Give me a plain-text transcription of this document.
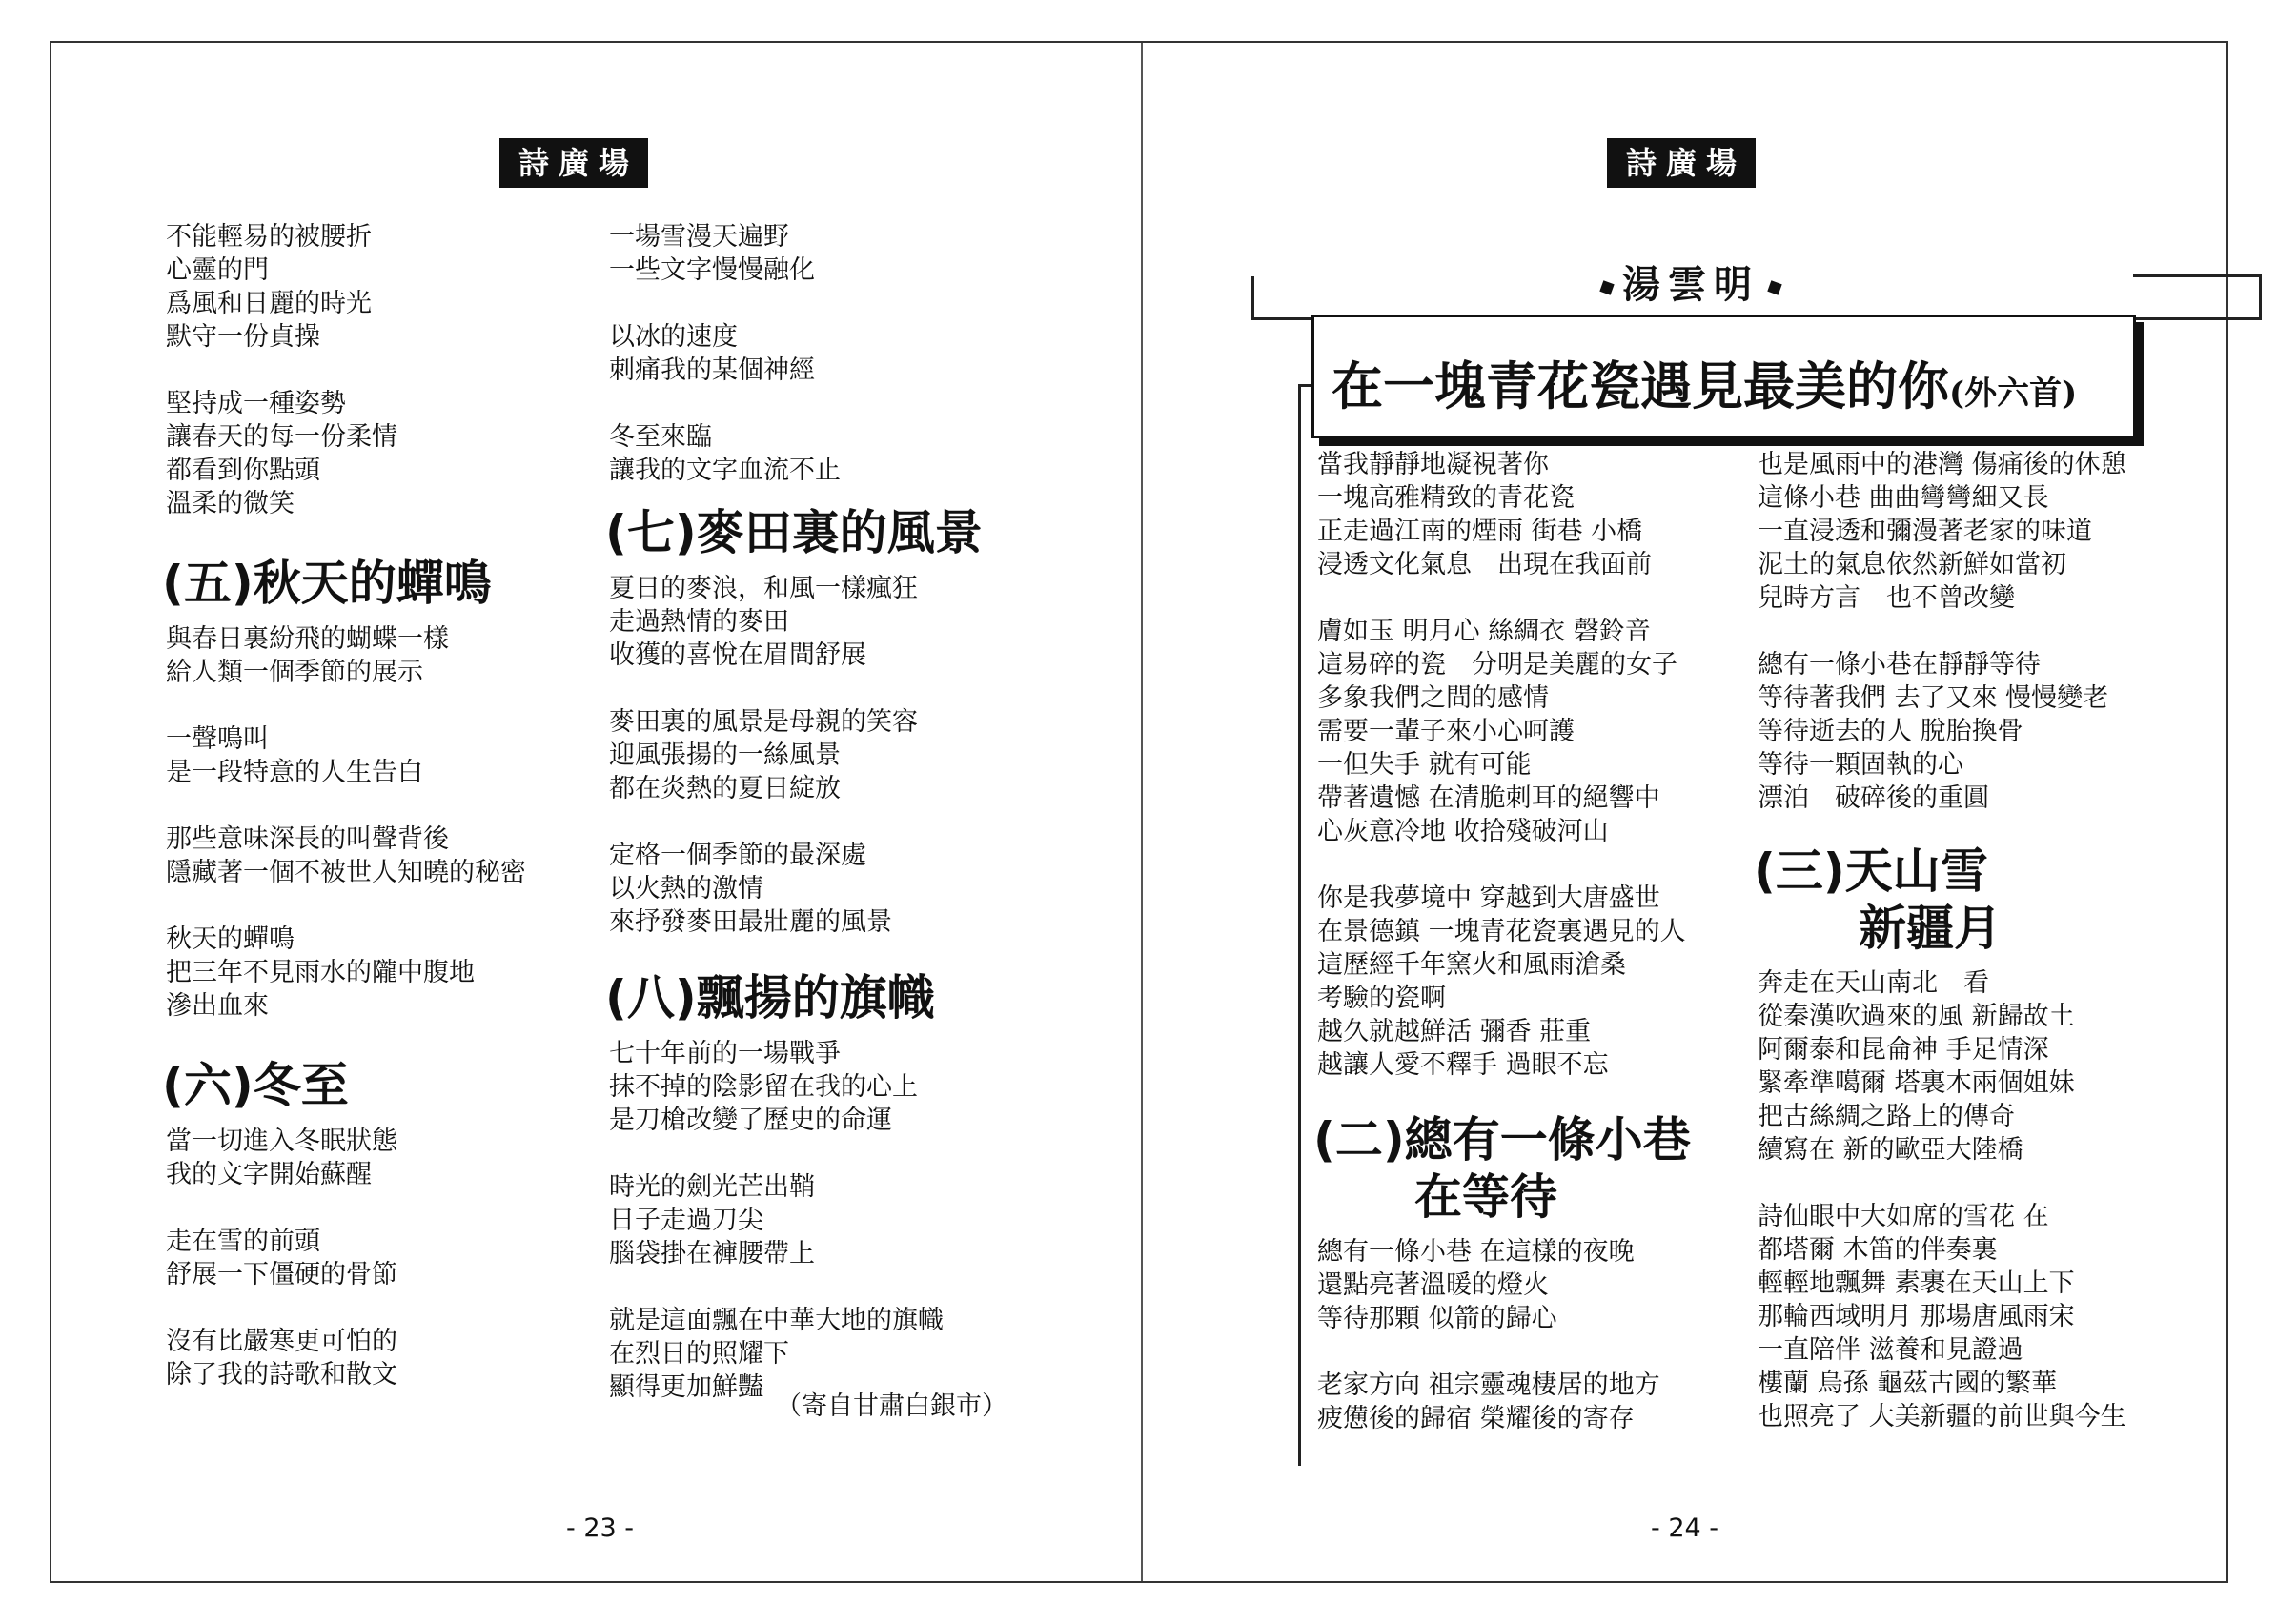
詩廣場
不能輕易的被腰折
心靈的門
爲風和日麗的時光
默守一份貞操
堅持成一種姿勢
讓春天的每一份柔情
都看到你點頭
溫柔的微笑
(五)秋天的蟬鳴
與春日裏紛飛的蝴蝶一樣
給人類一個季節的展示
一聲鳴叫
是一段特意的人生告白
那些意味深長的叫聲背後
隱藏著一個不被世人知曉的秘密
秋天的蟬鳴
把三年不見雨水的隴中腹地
滲出血來
(六)冬至
當一切進入冬眠狀態
我的文字開始蘇醒
走在雪的前頭
舒展一下僵硬的骨節
沒有比嚴寒更可怕的
除了我的詩歌和散文
一場雪漫天遍野
一些文字慢慢融化
以冰的速度
刺痛我的某個神經
冬至來臨
讓我的文字血流不止
(七)麥田裏的風景
夏日的麥浪，和風一樣瘋狂
走過熱情的麥田
收獲的喜悅在眉間舒展
麥田裏的風景是母親的笑容
迎風張揚的一絲風景
都在炎熱的夏日綻放
定格一個季節的最深處
以火熱的激情
來抒發麥田最壯麗的風景
(八)飄揚的旗幟
七十年前的一場戰爭
抹不掉的陰影留在我的心上
是刀槍改變了歷史的命運
時光的劍光芒出鞘
日子走過刀尖
腦袋掛在褲腰帶上
就是這面飄在中華大地的旗幟
在烈日的照耀下
顯得更加鮮豔
（寄自甘肅白銀市）
- 23 -
詩廣場
湯雲明
在一塊青花瓷遇見最美的你(外六首)
當我靜靜地凝視著你
一塊高雅精致的青花瓷
正走過江南的煙雨 街巷 小橋
浸透文化氣息　出現在我面前
膚如玉 明月心 絲綢衣 磬鈴音
這易碎的瓷　分明是美麗的女子
多象我們之間的感情
需要一輩子來小心呵護
一但失手 就有可能
帶著遺憾 在清脆刺耳的絕響中
心灰意冷地 收拾殘破河山
你是我夢境中 穿越到大唐盛世
在景德鎮 一塊青花瓷裏遇見的人
這歷經千年窯火和風雨滄桑
考驗的瓷啊
越久就越鮮活 彌香 莊重
越讓人愛不釋手 過眼不忘
(二)總有一條小巷
在等待
總有一條小巷 在這樣的夜晚
還點亮著溫暖的燈火
等待那顆 似箭的歸心
老家方向 祖宗靈魂棲居的地方
疲憊後的歸宿 榮耀後的寄存
也是風雨中的港灣 傷痛後的休憩
這條小巷 曲曲彎彎細又長
一直浸透和彌漫著老家的味道
泥土的氣息依然新鮮如當初
兒時方言　也不曾改變
總有一條小巷在靜靜等待
等待著我們 去了又來 慢慢變老
等待逝去的人 脫胎換骨
等待一顆固執的心
漂泊　破碎後的重圓
(三)天山雪
新疆月
奔走在天山南北　看
從秦漢吹過來的風 新歸故土
阿爾泰和昆侖神 手足情深
緊牽準噶爾 塔裏木兩個姐妹
把古絲綢之路上的傳奇
續寫在 新的歐亞大陸橋
詩仙眼中大如席的雪花 在
都塔爾 木笛的伴奏裏
輕輕地飄舞 素裹在天山上下
那輪西域明月 那場唐風雨宋
一直陪伴 滋養和見證過
樓蘭 烏孫 龜茲古國的繁華
也照亮了 大美新疆的前世與今生
- 24 -
